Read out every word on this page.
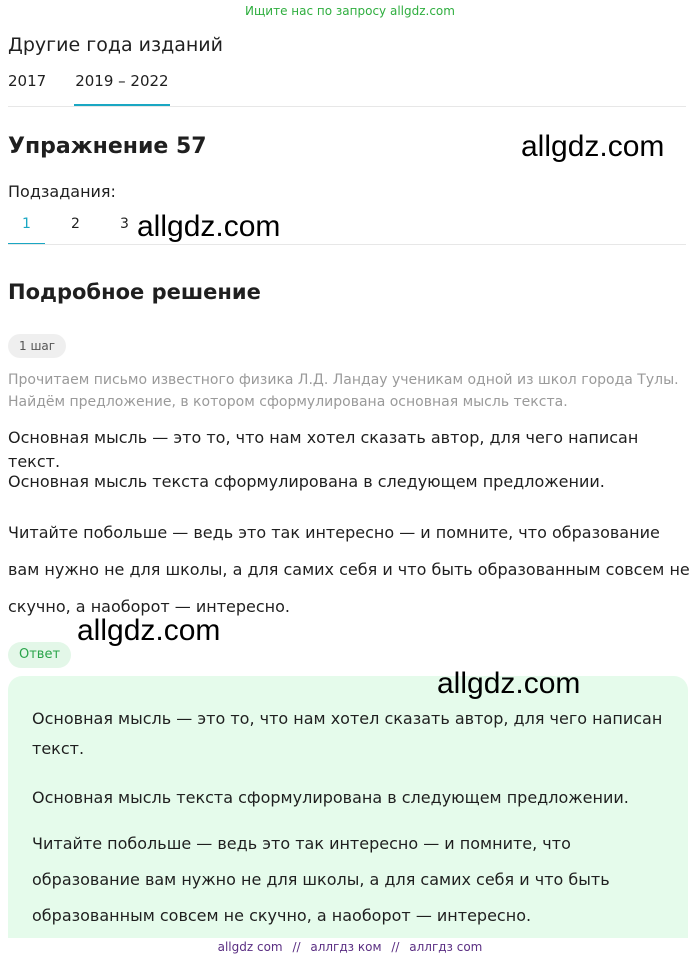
Ищите нас по запросу allgdz.com
Другие года изданий
2017 2019 – 2022
Упражнение 57	allgdz.com
Подзадания:
1	2	3 allgdz.com
Подробное решение
1 шаг
Прочитаем письмо известного физика Л.Д. Ландау ученикам одной из школ города Тулы. Найдём предложение, в котором сформулирована основная мысль текста.
Основная мысль — это то, что нам хотел сказать автор, для чего написан текст.
Основная мысль текста сформулирована в следующем предложении.
Читайте побольше — ведь это так интересно — и помните, что образование вам нужно не для школы, а для самих себя и что быть образованным совсем не скучно, а наоборот — интересно.
allgdz.com
Ответ
Основная мысль — это то, что нам хотел сказать автор, для чего написан текст.
Основная мысль текста сформулирована в следующем предложении.
Читайте побольше — ведь это так интересно — и помните, что образование вам нужно не для школы, а для самих себя и что быть образованным совсем не скучно, а наоборот — интересно.
allgdz.com
allgdz com // аллгдз ком // аллгдз com
